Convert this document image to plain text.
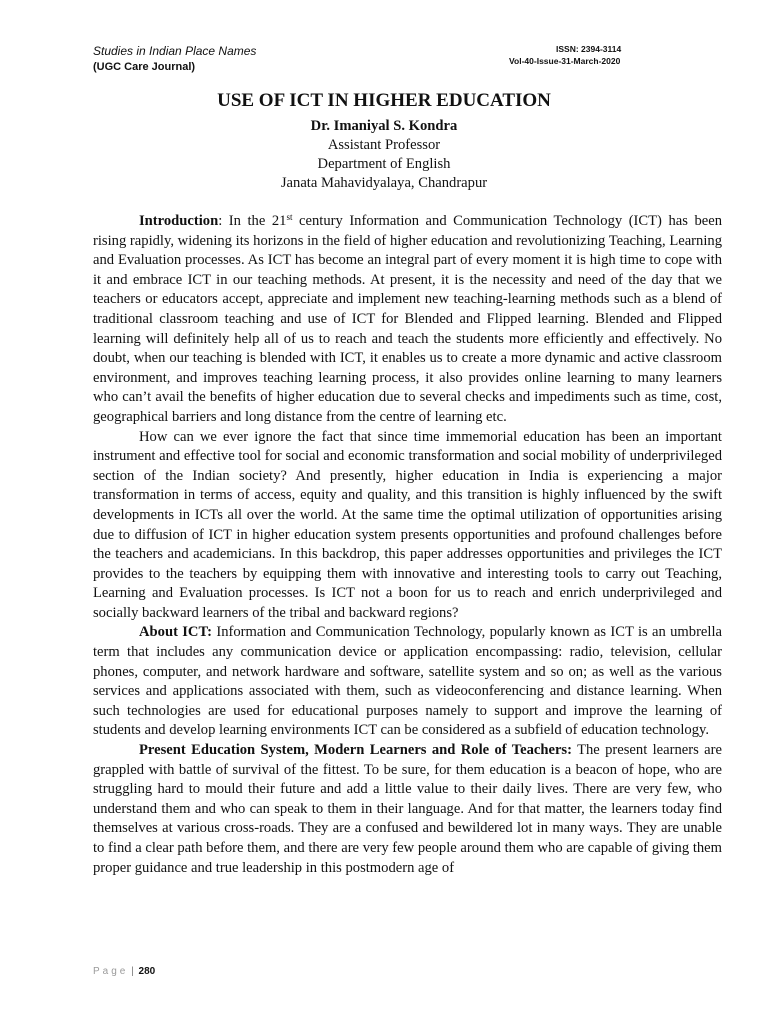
Studies in Indian Place Names
(UGC Care Journal)
ISSN: 2394-3114
Vol-40-Issue-31-March-2020
USE OF ICT IN HIGHER EDUCATION
Dr. Imaniyal S. Kondra
Assistant Professor
Department of English
Janata Mahavidyalaya, Chandrapur

Introduction: In the 21st century Information and Communication Technology (ICT) has been rising rapidly, widening its horizons in the field of higher education and revolutionizing Teaching, Learning and Evaluation processes. As ICT has become an integral part of every moment it is high time to cope with it and embrace ICT in our teaching methods. At present, it is the necessity and need of the day that we teachers or educators accept, appreciate and implement new teaching-learning methods such as a blend of traditional classroom teaching and use of ICT for Blended and Flipped learning. Blended and Flipped learning will definitely help all of us to reach and teach the students more efficiently and effectively. No doubt, when our teaching is blended with ICT, it enables us to create a more dynamic and active classroom environment, and improves teaching learning process, it also provides online learning to many learners who can’t avail the benefits of higher education due to several checks and impediments such as time, cost, geographical barriers and long distance from the centre of learning etc.

How can we ever ignore the fact that since time immemorial education has been an important instrument and effective tool for social and economic transformation and social mobility of underprivileged section of the Indian society? And presently, higher education in India is experiencing a major transformation in terms of access, equity and quality, and this transition is highly influenced by the swift developments in ICTs all over the world. At the same time the optimal utilization of opportunities arising due to diffusion of ICT in higher education system presents opportunities and profound challenges before the teachers and academicians. In this backdrop, this paper addresses opportunities and privileges the ICT provides to the teachers by equipping them with innovative and interesting tools to carry out Teaching, Learning and Evaluation processes. Is ICT not a boon for us to reach and enrich underprivileged and socially backward learners of the tribal and backward regions?

About ICT: Information and Communication Technology, popularly known as ICT is an umbrella term that includes any communication device or application encompassing: radio, television, cellular phones, computer, and network hardware and software, satellite system and so on; as well as the various services and applications associated with them, such as videoconferencing and distance learning. When such technologies are used for educational purposes namely to support and improve the learning of students and develop learning environments ICT can be considered as a subfield of education technology.

Present Education System, Modern Learners and Role of Teachers: The present learners are grappled with battle of survival of the fittest. To be sure, for them education is a beacon of hope, who are struggling hard to mould their future and add a little value to their daily lives. There are very few, who understand them and who can speak to them in their language. And for that matter, the learners today find themselves at various cross-roads. They are a confused and bewildered lot in many ways. They are unable to find a clear path before them, and there are very few people around them who are capable of giving them proper guidance and true leadership in this postmodern age of

Page | 280
